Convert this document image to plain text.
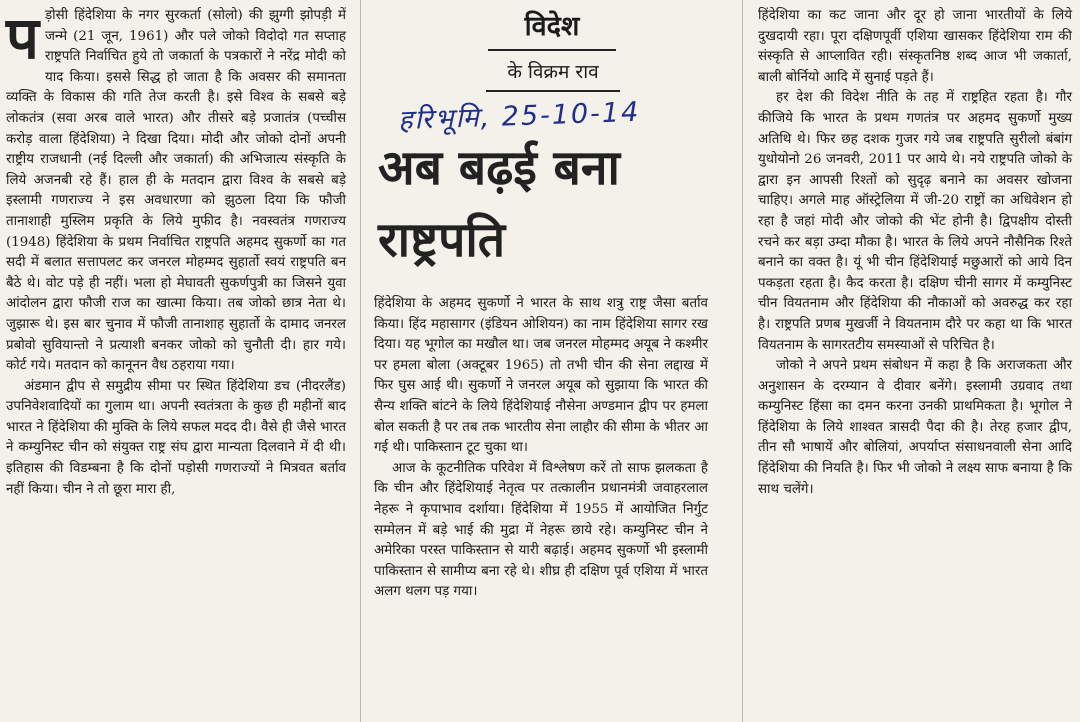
प ड़ोसी हिंदेशिया के नगर सुरकर्ता (सोलो) की झुग्गी झोपड़ी में जन्मे (21 जून, 1961) और पले जोको विदोदो गत सप्ताह राष्ट्रपति निर्वाचित हुये तो जकार्ता के पत्रकारों ने नरेंद्र मोदी को याद किया। इससे सिद्ध हो जाता है कि अवसर की समानता व्यक्ति के विकास की गति तेज करती है। इसे विश्व के सबसे बड़े लोकतंत्र (सवा अरब वाले भारत) और तीसरे बड़े प्रजातंत्र (पच्चीस करोड़ वाला हिंदेशिया) ने दिखा दिया। मोदी और जोको दोनों अपनी राष्ट्रीय राजधानी (नई दिल्ली और जकार्ता) की अभिजात्य संस्कृति के लिये अजनबी रहे हैं। हाल ही के मतदान द्वारा विश्व के सबसे बड़े इस्लामी गणराज्य ने इस अवधारणा को झुठला दिया कि फौजी तानाशाही मुस्लिम प्रकृति के लिये मुफीद है। नवस्वतंत्र गणराज्य (1948) हिंदेशिया के प्रथम निर्वाचित राष्ट्रपति अहमद सुकर्णो का गत सदी में बलात सत्तापलट कर जनरल मोहम्मद सुहार्तो स्वयं राष्ट्रपति बन बैठे थे। वोट पड़े ही नहीं। भला हो मेघावती सुकर्णपुत्री का जिसने युवा आंदोलन द्वारा फौजी राज का खात्मा किया। तब जोको छात्र नेता थे। जुझारू थे। इस बार चुनाव में फौजी तानाशाह सुहार्तो के दामाद जनरल प्रबोवो सुवियान्तो ने प्रत्याशी बनकर जोको को चुनौती दी। हार गये। कोर्ट गये। मतदान को कानूनन वैध ठहराया गया।

अंडमान द्वीप से समुद्रीय सीमा पर स्थित हिंदेशिया डच (नीदरलैंड) उपनिवेशवादियों का गुलाम था। अपनी स्वतंत्रता के कुछ ही महीनों बाद भारत ने हिंदेशिया की मुक्ति के लिये सफल मदद दी। वैसे ही जैसे भारत ने कम्युनिस्ट चीन को संयुक्त राष्ट्र संघ द्वारा मान्यता दिलवाने में दी थी। इतिहास की विडम्बना है कि दोनों पड़ोसी गणराज्यों ने मित्रवत बर्ताव नहीं किया। चीन ने तो छूरा मारा ही,

विदेश
के विक्रम राव
हरिभूमि, 25-10-14
अब बढ़ई बना राष्ट्रपति

हिंदेशिया के अहमद सुकर्णो ने भारत के साथ शत्रु राष्ट्र जैसा बर्ताव किया। हिंद महासागर (इंडियन ओशियन) का नाम हिंदेशिया सागर रख दिया। यह भूगोल का मखौल था। जब जनरल मोहम्मद अयूब ने कश्मीर पर हमला बोला (अक्टूबर 1965) तो तभी चीन की सेना लद्दाख में फिर घुस आई थी। सुकर्णो ने जनरल अयूब को सुझाया कि भारत की सैन्य शक्ति बांटने के लिये हिंदेशियाई नौसेना अण्डमान द्वीप पर हमला बोल सकती है पर तब तक भारतीय सेना लाहौर की सीमा के भीतर आ गई थी। पाकिस्तान टूट चुका था।

आज के कूटनीतिक परिवेश में विश्लेषण करें तो साफ झलकता है कि चीन और हिंदेशियाई नेतृत्व पर तत्कालीन प्रधानमंत्री जवाहरलाल नेहरू ने कृपाभाव दर्शाया। हिंदेशिया में 1955 में आयोजित निर्गुट सम्मेलन में बड़े भाई की मुद्रा में नेहरू छाये रहे। कम्युनिस्ट चीन ने अमेरिका परस्त पाकिस्तान से यारी बढ़ाई। अहमद सुकर्णो भी इस्लामी पाकिस्तान से सामीप्य बना रहे थे। शीघ्र ही दक्षिण पूर्व एशिया में भारत अलग थलग पड़ गया।

हिंदेशिया का कट जाना और दूर हो जाना भारतीयों के लिये दुखदायी रहा। पूरा दक्षिणपूर्वी एशिया खासकर हिंदेशिया राम की संस्कृति से आप्लावित रही। संस्कृतनिष्ठ शब्द आज भी जकार्ता, बाली बोर्नियो आदि में सुनाई पड़ते हैं।

हर देश की विदेश नीति के तह में राष्ट्रहित रहता है। गौर कीजिये कि भारत के प्रथम गणतंत्र पर अहमद सुकर्णो मुख्य अतिथि थे। फिर छह दशक गुजर गये जब राष्ट्रपति सुरीलो बंबांग युधोयोनो 26 जनवरी, 2011 पर आये थे। नये राष्ट्रपति जोको के द्वारा इन आपसी रिश्तों को सुदृढ़ बनाने का अवसर खोजना चाहिए। अगले माह ऑस्ट्रेलिया में जी-20 राष्ट्रों का अधिवेशन हो रहा है जहां मोदी और जोको की भेंट होनी है। द्विपक्षीय दोस्ती रचने कर बड़ा उम्दा मौका है। भारत के लिये अपने नौसैनिक रिश्ते बनाने का वक्त है। यूं भी चीन हिंदेशियाई मछुआरों को आये दिन पकड़ता रहता है। कैद करता है। दक्षिण चीनी सागर में कम्युनिस्ट चीन वियतनाम और हिंदेशिया की नौकाओं को अवरुद्ध कर रहा है। राष्ट्रपति प्रणब मुखर्जी ने वियतनाम दौरे पर कहा था कि भारत वियतनाम के सागरतटीय समस्याओं से परिचित है।

जोको ने अपने प्रथम संबोधन में कहा है कि अराजकता और अनुशासन के दरम्यान वे दीवार बनेंगे। इस्लामी उग्रवाद तथा कम्युनिस्ट हिंसा का दमन करना उनकी प्राथमिकता है। भूगोल ने हिंदेशिया के लिये शाश्वत त्रासदी पैदा की है। तेरह हजार द्वीप, तीन सौ भाषायें और बोलियां, अपर्याप्त संसाधनवाली सेना आदि हिंदेशिया की नियति है। फिर भी जोको ने लक्ष्य साफ बनाया है कि साथ चलेंगे।
